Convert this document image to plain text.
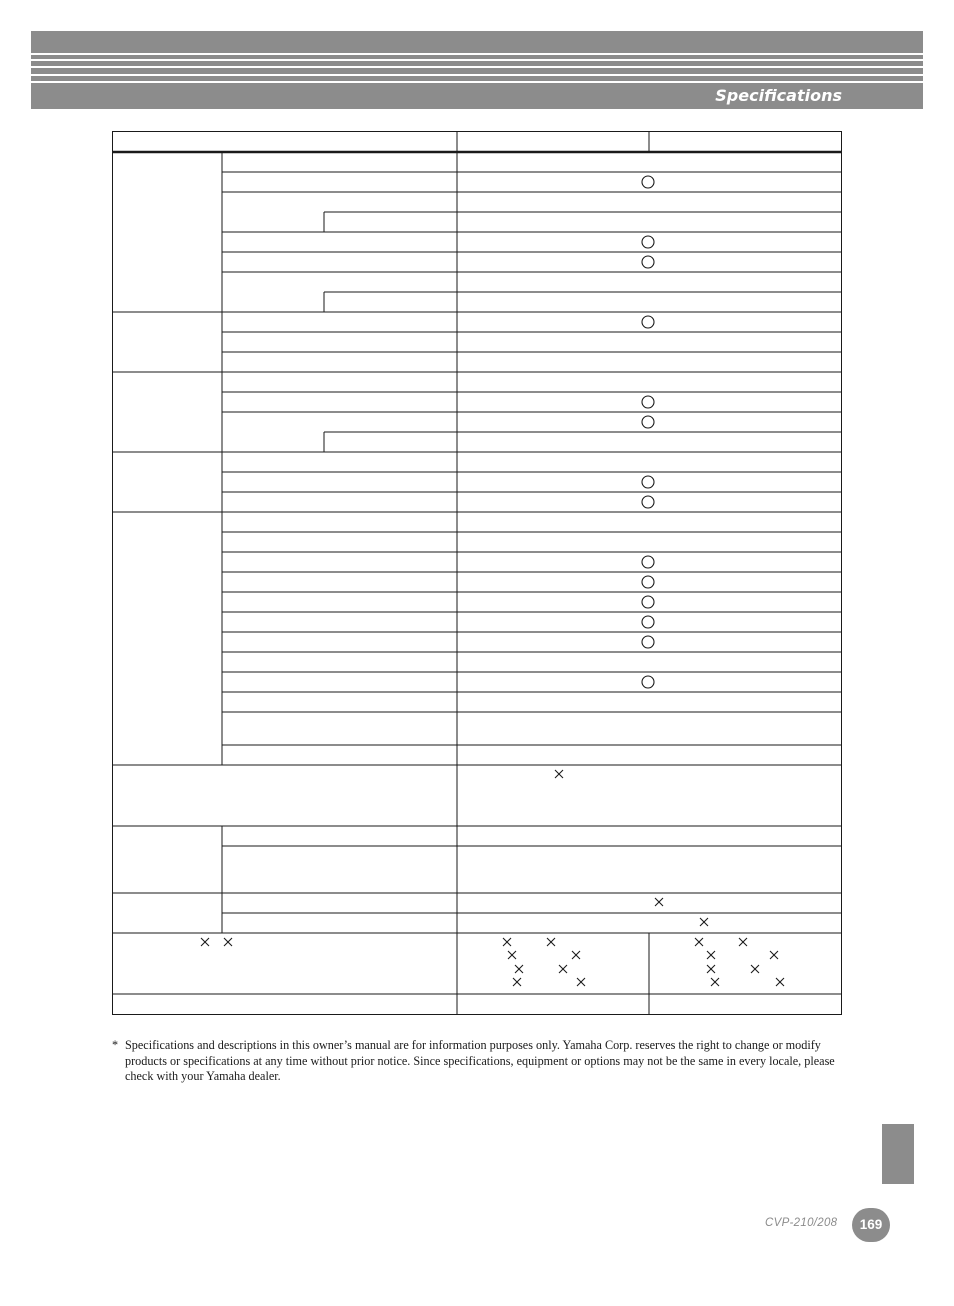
Specifications
* Specifications and descriptions in this owner’s manual are for information purposes only. Yamaha Corp. reserves the right to change or modify products or specifications at any time without prior notice. Since specifications, equipment or options may not be the same in every locale, please check with your Yamaha dealer.
CVP-210/208	169
